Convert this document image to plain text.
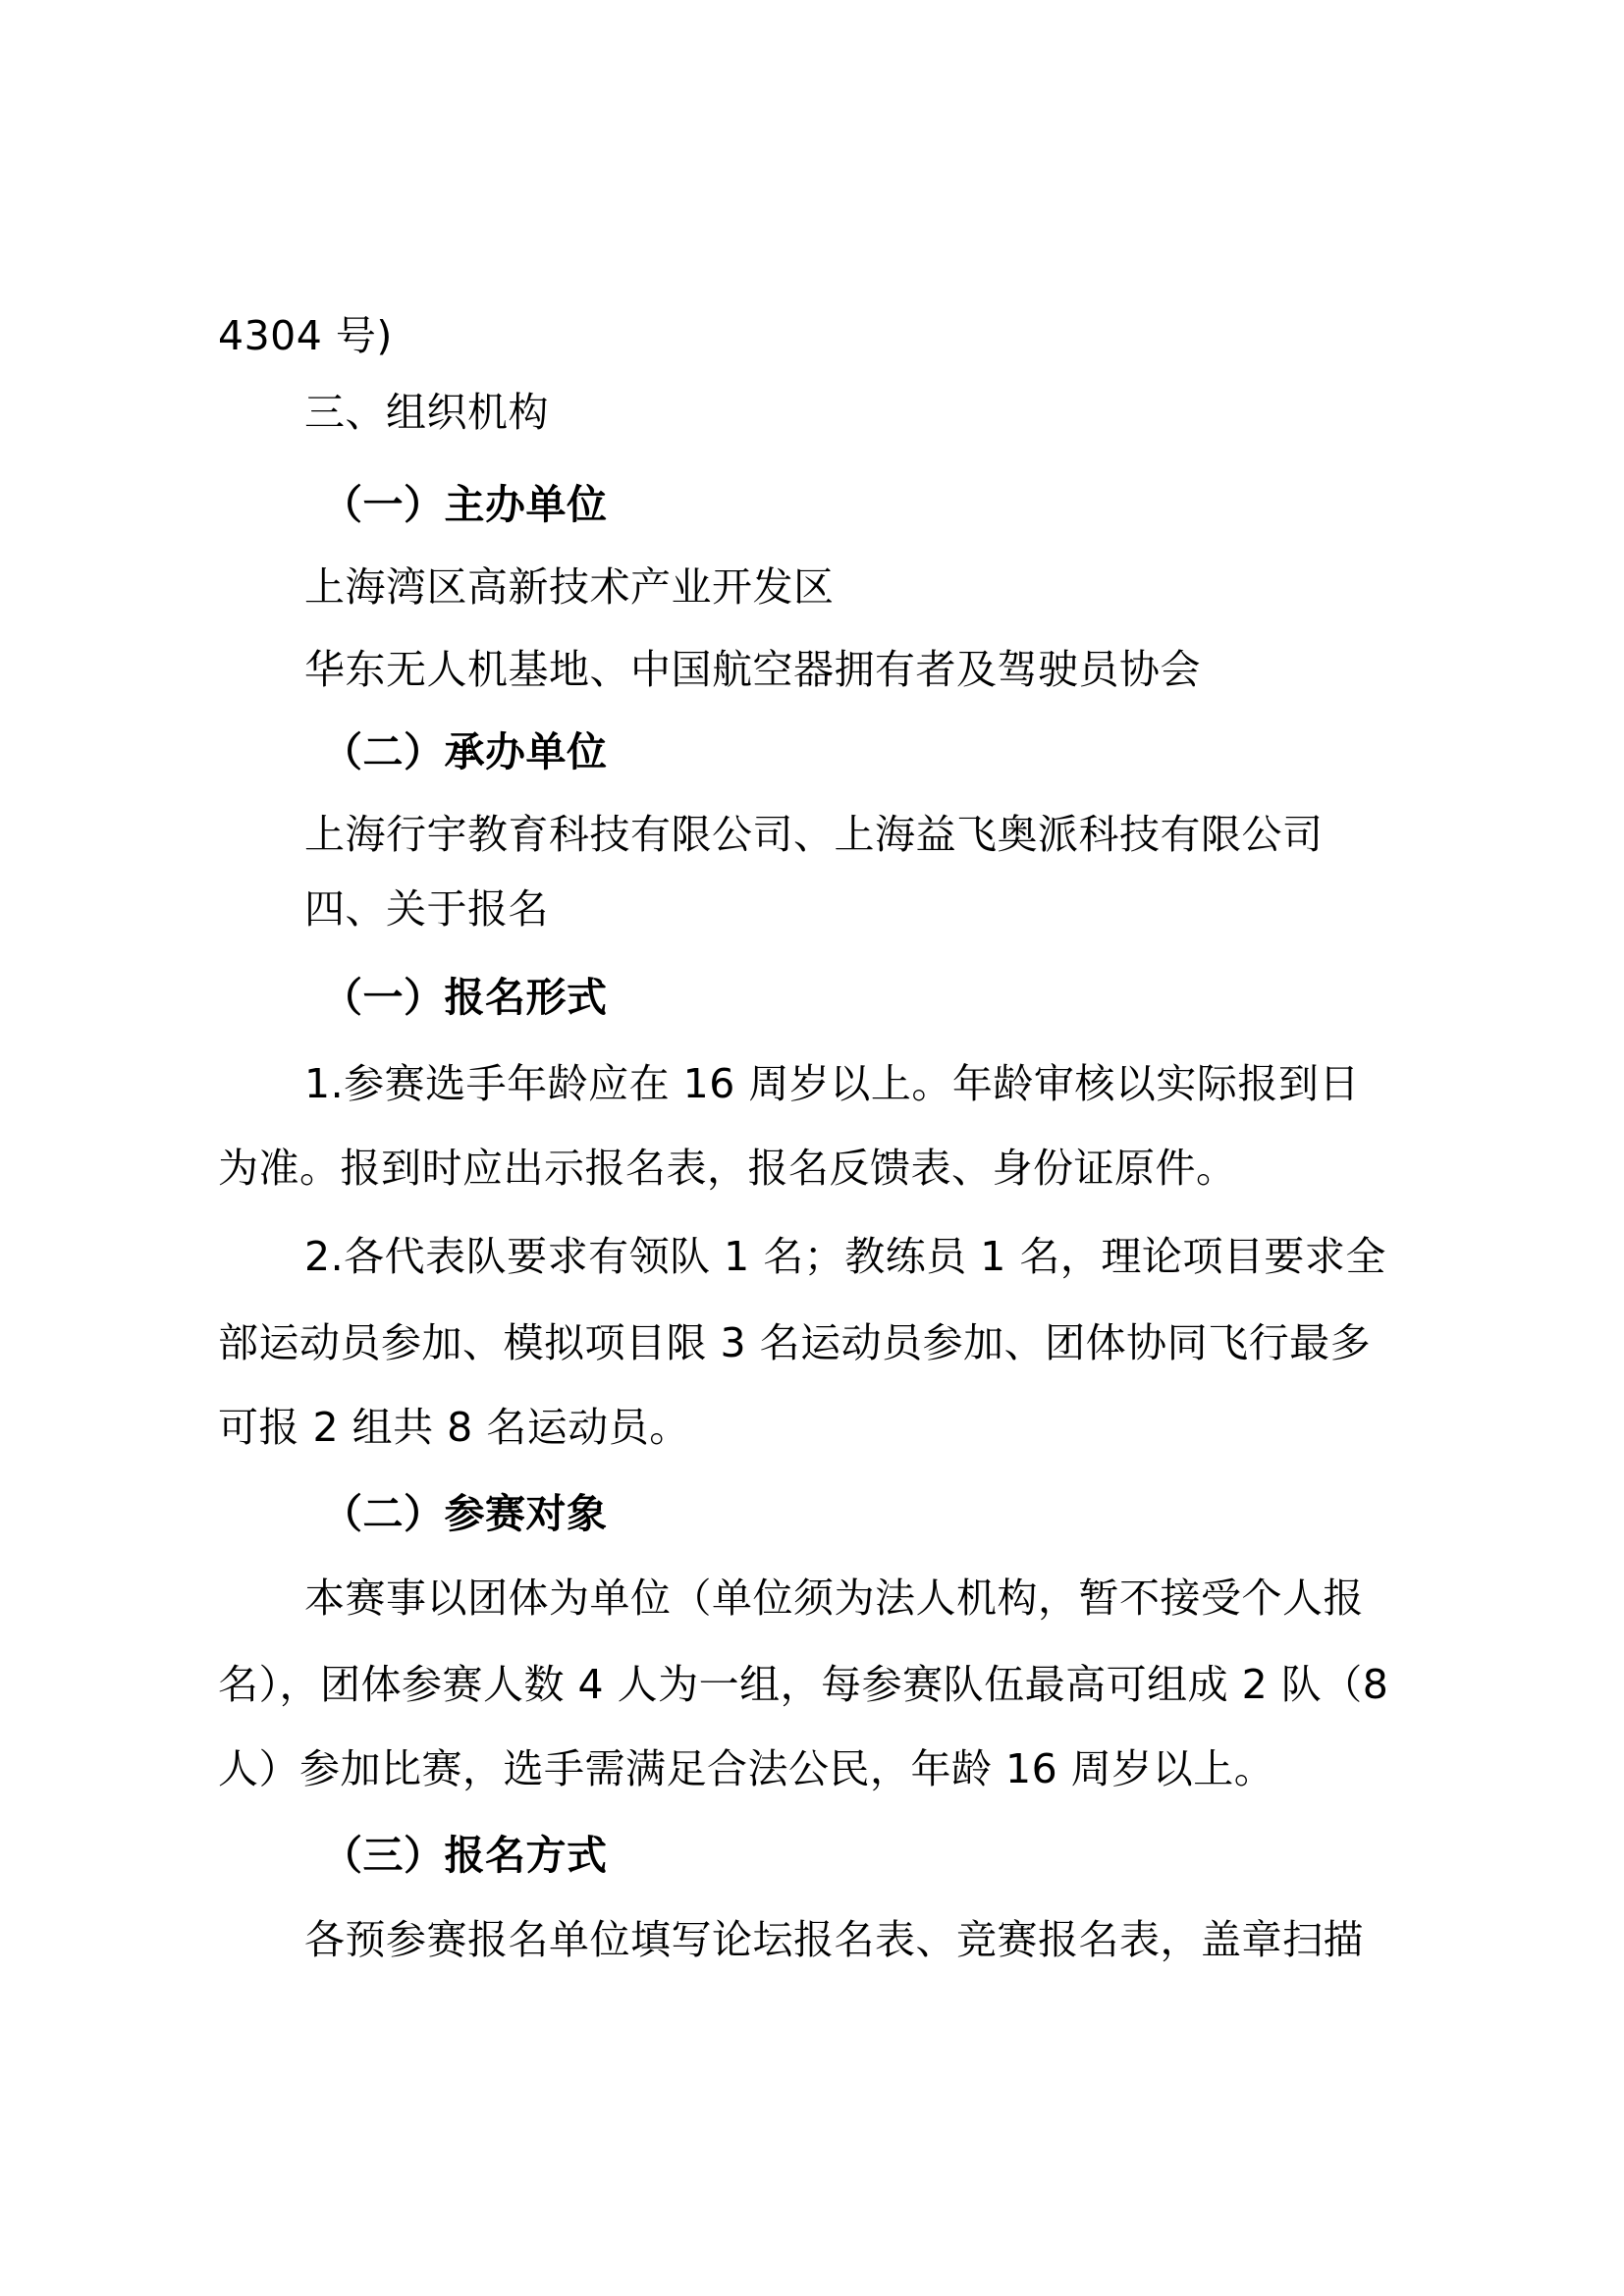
4304 号)
三、组织机构
（一）主办单位
上海湾区高新技术产业开发区
华东无人机基地、中国航空器拥有者及驾驶员协会
（二）承办单位
上海行宇教育科技有限公司、上海益飞奥派科技有限公司
四、关于报名
（一）报名形式
1.参赛选手年龄应在 16 周岁以上。年龄审核以实际报到日
为准。报到时应出示报名表，报名反馈表、身份证原件。
2.各代表队要求有领队 1 名；教练员 1 名，理论项目要求全
部运动员参加、模拟项目限 3 名运动员参加、团体协同飞行最多
可报 2 组共 8 名运动员。
（二）参赛对象
本赛事以团体为单位（单位须为法人机构，暂不接受个人报
名），团体参赛人数 4 人为一组，每参赛队伍最高可组成 2 队（8
人）参加比赛，选手需满足合法公民，年龄 16 周岁以上。
（三）报名方式
各预参赛报名单位填写论坛报名表、竞赛报名表，盖章扫描
